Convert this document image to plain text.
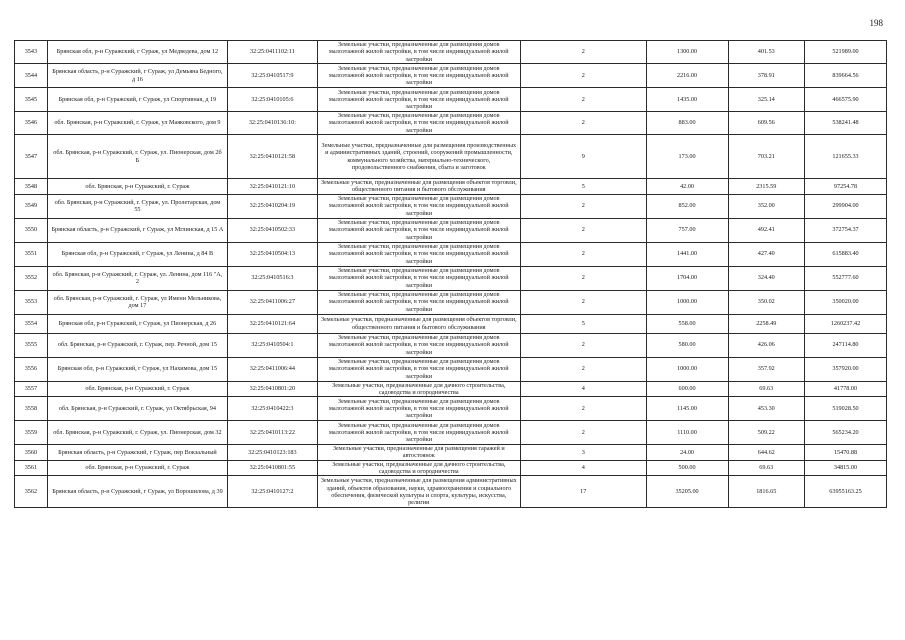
198
3543	Брянская обл, р-н Суражский, г Сураж, ул Медведева, дом 12	32:25:0411102:11	Земельные участки, предназначенные для размещения домов малоэтажной жилой застройки, в том числе индивидуальной жилой застройки	2	1300.00	401.53	521989.00
3544	Брянская область, р-н Суражский, г Сураж, ул Демьяна Бедного, д 16	32:25:0410517:9	Земельные участки, предназначенные для размещения домов малоэтажной жилой застройки, в том числе индивидуальной жилой застройки	2	2216.00	378.91	839664.56
3545	Брянская обл, р-н Суражский, г Сураж, ул Спортивная, д 19	32:25:0410105:6	Земельные участки, предназначенные для размещения домов малоэтажной жилой застройки, в том числе индивидуальной жилой застройки	2	1435.00	325.14	466575.90
3546	обл. Брянская, р-н Суражский, г. Сураж, ул Маяковского, дом 9	32:25:0410136:10:	Земельные участки, предназначенные для размещения домов малоэтажной жилой застройки, в том числе индивидуальной жилой застройки	2	883.00	609.56	538241.48
3547	обл. Брянская, р-н Суражский, г. Сураж, ул. Пионерская, дом 2б Б	32:25:0410121:58	Земельные участки, предназначенные для размещения производственных и административных зданий, строений, сооружений промышленности, коммунального хозяйства, материально-технического, продовольственного снабжения, сбыта и заготовок	9	173.00	703.21	121655.33
3548	обл. Брянская, р-н Суражский, г. Сураж	32:25:0410121:10	Земельные участки, предназначенные для размещения объектов торговли, общественного питания и бытового обслуживания	5	42.00	2315.59	97254.78
3549	обл. Брянская, р-н Суражский, г. Сураж, ул. Пролетарская, дом 55	32:25:0410204:19	Земельные участки, предназначенные для размещения домов малоэтажной жилой застройки, в том числе индивидуальной жилой застройки	2	852.00	352.00	299904.00
3550	Брянская область, р-н Суражский, г Сураж, ул Мглинская, д 15 А	32:25:0410502:33	Земельные участки, предназначенные для размещения домов малоэтажной жилой застройки, в том числе индивидуальной жилой застройки	2	757.00	492.41	372754.37
3551	Брянская обл, р-н Суражский, г Сураж, ул Ленина, д 84 В	32:25:0410504:13	Земельные участки, предназначенные для размещения домов малоэтажной жилой застройки, в том числе индивидуальной жилой застройки	2	1441.00	427.40	615883.40
3552	обл. Брянская, р-н Суражский, г. Сураж, ул. Ленина, дом 116 "А, 2	32:25:0410516:3	Земельные участки, предназначенные для размещения домов малоэтажной жилой застройки, в том числе индивидуальной жилой застройки	2	1704.00	324.40	552777.60
3553	обл. Брянская, р-н Суражский, г. Сураж, ул Имени Мельникова, дом 17	32:25:0411006:27	Земельные участки, предназначенные для размещения домов малоэтажной жилой застройки, в том числе индивидуальной жилой застройки	2	1000.00	350.02	350020.00
3554	Брянская обл, р-н Суражский, г Сураж, ул Пионерская, д 26	32:25:0410121:64	Земельные участки, предназначенные для размещения объектов торговли, общественного питания и бытового обслуживания	5	558.00	2258.49	1260237.42
3555	обл. Брянская, р-н Суражский, г. Сураж, пер. Речной, дом 15	32:25:0410504:1	Земельные участки, предназначенные для размещения домов малоэтажной жилой застройки, в том числе индивидуальной жилой застройки	2	580.00	426.06	247114.80
3556	Брянская обл, р-н Суражский, г Сураж, ул Нахимова, дом 15	32:25:0411006:44	Земельные участки, предназначенные для размещения домов малоэтажной жилой застройки, в том числе индивидуальной жилой застройки	2	1000.00	357.92	357920.00
3557	обл. Брянская, р-н Суражский, г. Сураж	32:25:0410801:20	Земельные участки, предназначенные для дачного строительства, садоводства и огородничества	4	600.00	69.63	41778.00
3558	обл. Брянская, р-н Суражский, г. Сураж, ул Октябрьская, 94	32:25:0410422:3	Земельные участки, предназначенные для размещения домов малоэтажной жилой застройки, в том числе индивидуальной жилой застройки	2	1145.00	453.30	519028.50
3559	обл. Брянская, р-н Суражский, г. Сураж, ул. Пионерская, дом 32	32:25:0410113:22	Земельные участки, предназначенные для размещения домов малоэтажной жилой застройки, в том числе индивидуальной жилой застройки	2	1110.00	509.22	565234.20
3560	Брянская область, р-н Суражский, г Сураж, пер Вокзальный	32:25:0410123:183	Земельные участки, предназначенные для размещения гаражей и автостоянок	3	24.00	644.62	15470.88
3561	обл. Брянская, р-н Суражский, г. Сураж	32:25:0410801:55	Земельные участки, предназначенные для дачного строительства, садоводства и огородничества	4	500.00	69.63	34815.00
3562	Брянская область, р-н Суражский, г Сураж, ул Ворошилова, д 39	32:25:0410127:2	Земельные участки, предназначенные для размещения административных зданий, объектов образования, науки, здравоохранения и социального обеспечения, физической культуры и спорта, культуры, искусства, религии	17	35205.00	1816.65	63955163.25
